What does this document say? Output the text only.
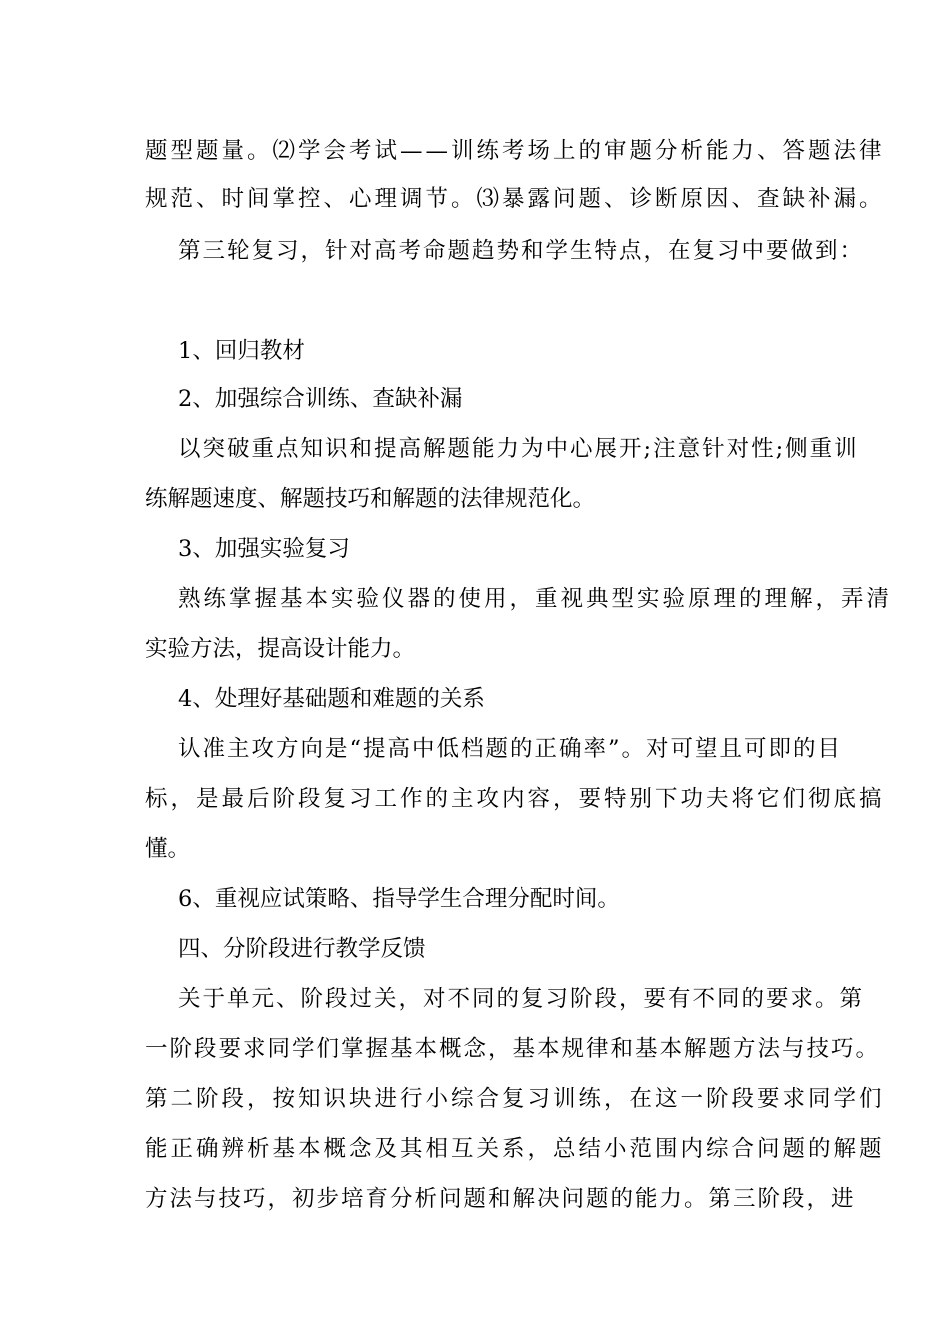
题型题量。⑵学会考试——训练考场上的审题分析能力、答题法律
规范、时间掌控、心理调节。⑶暴露问题、诊断原因、查缺补漏。
第三轮复习，针对高考命题趋势和学生特点，在复习中要做到：
1、回归教材
2、加强综合训练、查缺补漏
以突破重点知识和提高解题能力为中心展开;注意针对性;侧重训
练解题速度、解题技巧和解题的法律规范化。
3、加强实验复习
熟练掌握基本实验仪器的使用，重视典型实验原理的理解，弄清
实验方法，提高设计能力。
4、处理好基础题和难题的关系
认准主攻方向是“提高中低档题的正确率”。对可望且可即的目
标，是最后阶段复习工作的主攻内容，要特别下功夫将它们彻底搞
懂。
6、重视应试策略、指导学生合理分配时间。
四、分阶段进行教学反馈
关于单元、阶段过关，对不同的复习阶段，要有不同的要求。第
一阶段要求同学们掌握基本概念，基本规律和基本解题方法与技巧。
第二阶段，按知识块进行小综合复习训练，在这一阶段要求同学们
能正确辨析基本概念及其相互关系，总结小范围内综合问题的解题
方法与技巧，初步培育分析问题和解决问题的能力。第三阶段，进
